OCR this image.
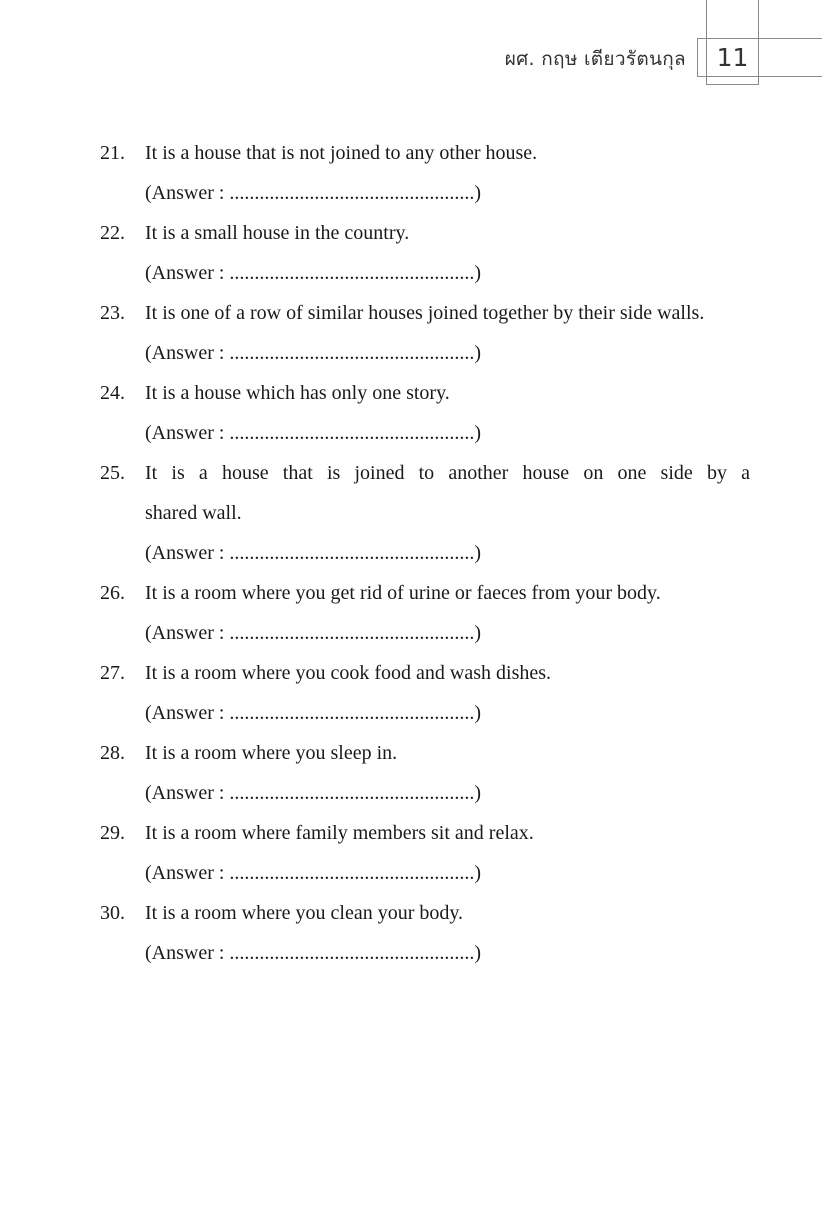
ผศ. กฤษ เตียวรัตนกุล	11
21. It is a house that is not joined to any other house.
(Answer : .................................................)
22. It is a small house in the country.
(Answer : .................................................)
23. It is one of a row of similar houses joined together by their side walls.
(Answer : .................................................)
24. It is a house which has only one story.
(Answer : .................................................)
25. It is a house that is joined to another house on one side by a
shared wall.
(Answer : .................................................)
26. It is a room where you get rid of urine or faeces from your body.
(Answer : .................................................)
27. It is a room where you cook food and wash dishes.
(Answer : .................................................)
28. It is a room where you sleep in.
(Answer : .................................................)
29. It is a room where family members sit and relax.
(Answer : .................................................)
30. It is a room where you clean your body.
(Answer : .................................................)
